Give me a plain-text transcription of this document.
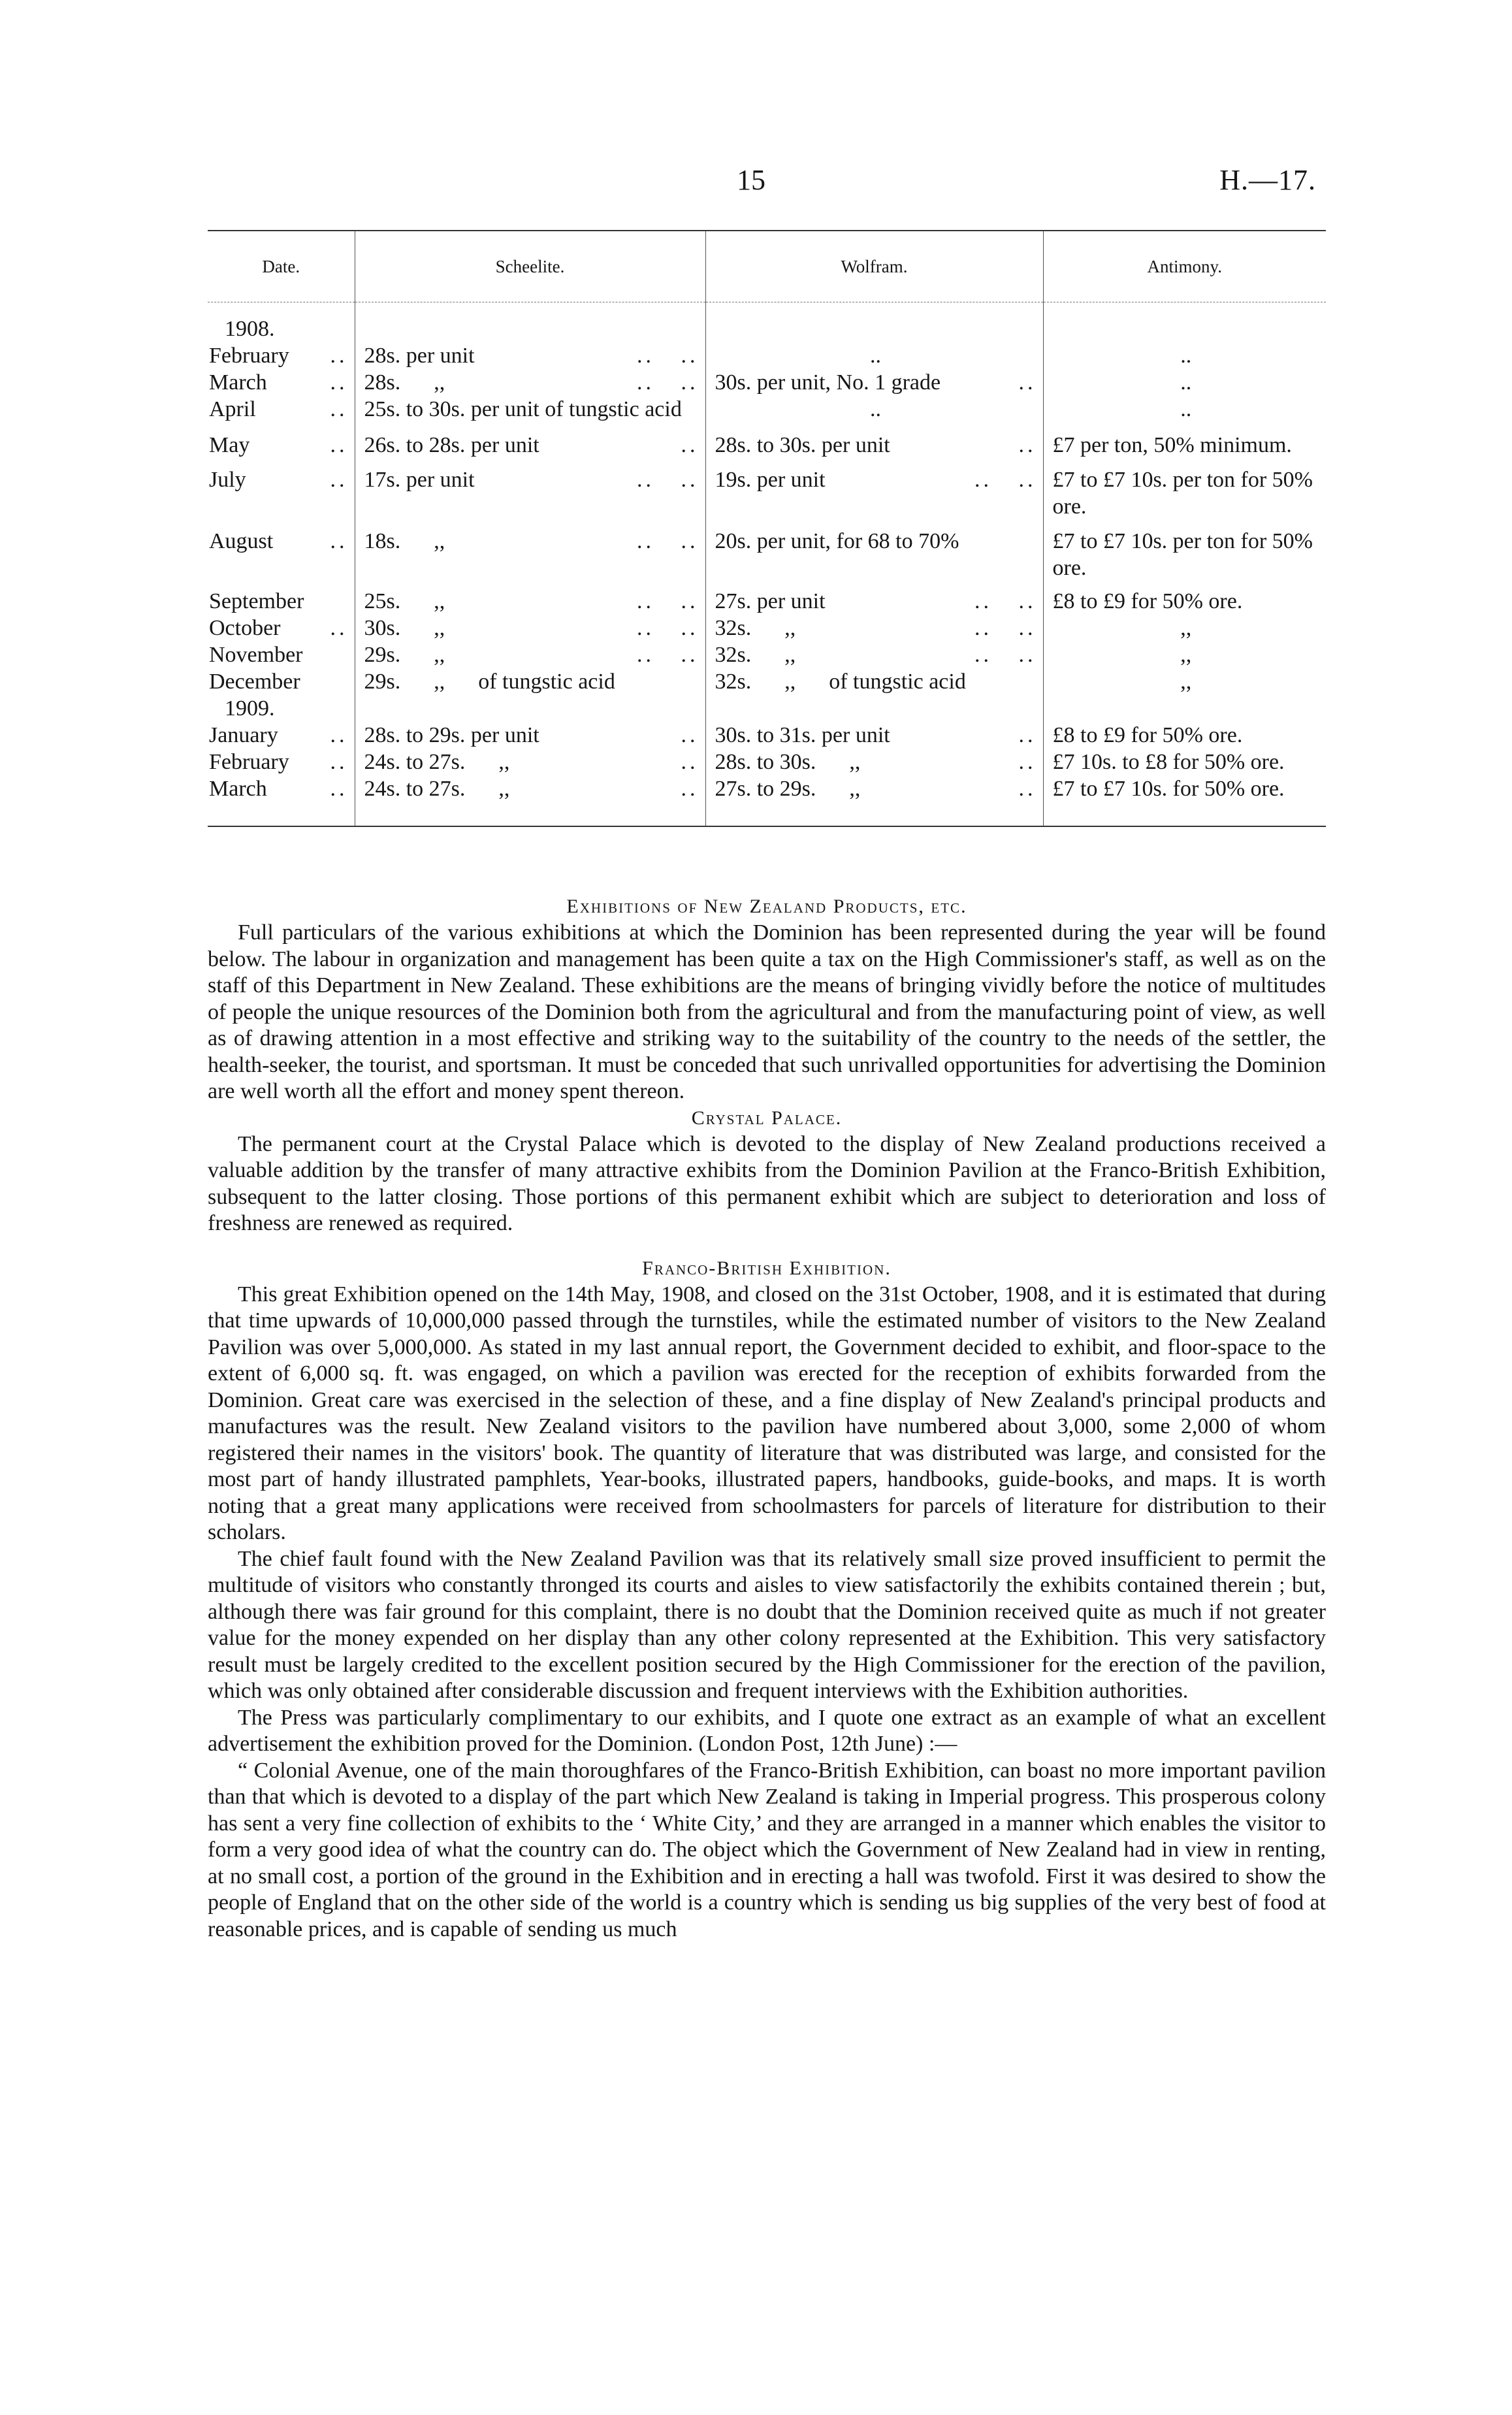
15	H.—17.
Date.	Scheelite.	Wolfram.	Antimony.

1908.			
February ..	28s. per unit ..   ..	..	..
March ..	28s.      ,, ..   ..	30s. per unit, No. 1 grade ..	..
April ..	25s. to 30s. per unit of tungstic acid	..	..
May ..	26s. to 28s. per unit ..	28s. to 30s. per unit ..	£7 per ton, 50% minimum.
July ..	17s. per unit ..   ..	19s. per unit ..   ..	£7 to £7 10s. per ton for 50% ore.
August ..	18s.      ,, ..   ..	20s. per unit, for 68 to 70%	£7 to £7 10s. per ton for 50% ore.
September	25s.      ,, ..   ..	27s. per unit ..   ..	£8 to £9 for 50% ore.
October ..	30s.      ,, ..   ..	32s.      ,, ..   ..	,,
November	29s.      ,, ..   ..	32s.      ,, ..   ..	,,
December	29s.      ,,      of tungstic acid	32s.      ,,      of tungstic acid	,,
1909.			
January ..	28s. to 29s. per unit ..	30s. to 31s. per unit ..	£8 to £9 for 50% ore.
February ..	24s. to 27s.      ,, ..	28s. to 30s.      ,, ..	£7 10s. to £8 for 50% ore.
March ..	24s. to 27s.      ,, ..	27s. to 29s.      ,, ..	£7 to £7 10s. for 50% ore.
Exhibitions of New Zealand Products, etc.

Full particulars of the various exhibitions at which the Dominion has been represented during the year will be found below. The labour in organization and management has been quite a tax on the High Commissioner's staff, as well as on the staff of this Department in New Zealand. These exhibitions are the means of bringing vividly before the notice of multitudes of people the unique resources of the Dominion both from the agricultural and from the manufacturing point of view, as well as of drawing attention in a most effective and striking way to the suitability of the country to the needs of the settler, the health-seeker, the tourist, and sportsman. It must be conceded that such unrivalled opportunities for advertising the Dominion are well worth all the effort and money spent thereon.

Crystal Palace.

The permanent court at the Crystal Palace which is devoted to the display of New Zealand productions received a valuable addition by the transfer of many attractive exhibits from the Dominion Pavilion at the Franco-British Exhibition, subsequent to the latter closing. Those portions of this permanent exhibit which are subject to deterioration and loss of freshness are renewed as required.

Franco-British Exhibition.

This great Exhibition opened on the 14th May, 1908, and closed on the 31st October, 1908, and it is estimated that during that time upwards of 10,000,000 passed through the turnstiles, while the estimated number of visitors to the New Zealand Pavilion was over 5,000,000. As stated in my last annual report, the Government decided to exhibit, and floor-space to the extent of 6,000 sq. ft. was engaged, on which a pavilion was erected for the reception of exhibits forwarded from the Dominion. Great care was exercised in the selection of these, and a fine display of New Zealand's principal products and manufactures was the result. New Zealand visitors to the pavilion have numbered about 3,000, some 2,000 of whom registered their names in the visitors' book. The quantity of literature that was distributed was large, and consisted for the most part of handy illustrated pamphlets, Year-books, illustrated papers, handbooks, guide-books, and maps. It is worth noting that a great many applications were received from schoolmasters for parcels of literature for distribution to their scholars.

The chief fault found with the New Zealand Pavilion was that its relatively small size proved insufficient to permit the multitude of visitors who constantly thronged its courts and aisles to view satisfactorily the exhibits contained therein ; but, although there was fair ground for this complaint, there is no doubt that the Dominion received quite as much if not greater value for the money expended on her display than any other colony represented at the Exhibition. This very satisfactory result must be largely credited to the excellent position secured by the High Commissioner for the erection of the pavilion, which was only obtained after considerable discussion and frequent interviews with the Exhibition authorities.

The Press was particularly complimentary to our exhibits, and I quote one extract as an example of what an excellent advertisement the exhibition proved for the Dominion. (London Post, 12th June) :—

“ Colonial Avenue, one of the main thoroughfares of the Franco-British Exhibition, can boast no more important pavilion than that which is devoted to a display of the part which New Zealand is taking in Imperial progress. This prosperous colony has sent a very fine collection of exhibits to the ‘ White City,’ and they are arranged in a manner which enables the visitor to form a very good idea of what the country can do. The object which the Government of New Zealand had in view in renting, at no small cost, a portion of the ground in the Exhibition and in erecting a hall was twofold. First it was desired to show the people of England that on the other side of the world is a country which is sending us big supplies of the very best of food at reasonable prices, and is capable of sending us much
